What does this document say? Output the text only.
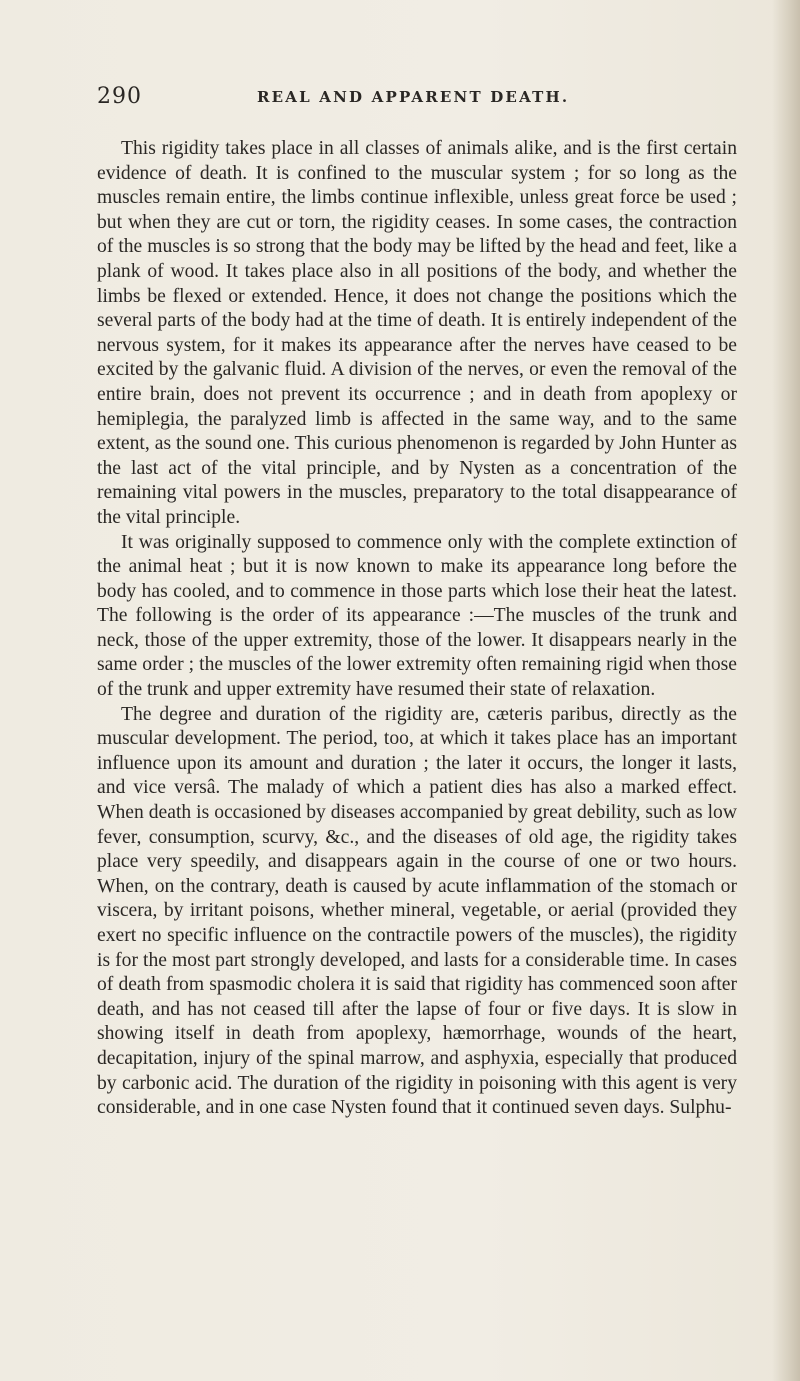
290	REAL AND APPARENT DEATH.

This rigidity takes place in all classes of animals alike, and is the first certain evidence of death. It is confined to the muscular system ; for so long as the muscles remain entire, the limbs continue inflexible, unless great force be used ; but when they are cut or torn, the rigidity ceases. In some cases, the contraction of the muscles is so strong that the body may be lifted by the head and feet, like a plank of wood. It takes place also in all positions of the body, and whether the limbs be flexed or extended. Hence, it does not change the positions which the several parts of the body had at the time of death. It is entirely independent of the nervous system, for it makes its appearance after the nerves have ceased to be excited by the galvanic fluid. A division of the nerves, or even the removal of the entire brain, does not prevent its occurrence ; and in death from apoplexy or hemiplegia, the paralyzed limb is affected in the same way, and to the same extent, as the sound one. This curious phenomenon is regarded by John Hunter as the last act of the vital principle, and by Nysten as a concentration of the remaining vital powers in the muscles, preparatory to the total disappearance of the vital principle.

It was originally supposed to commence only with the complete extinction of the animal heat ; but it is now known to make its appearance long before the body has cooled, and to commence in those parts which lose their heat the latest. The following is the order of its appearance :—The muscles of the trunk and neck, those of the upper extremity, those of the lower. It disappears nearly in the same order ; the muscles of the lower extremity often remaining rigid when those of the trunk and upper extremity have resumed their state of relaxation.

The degree and duration of the rigidity are, cæteris paribus, directly as the muscular development. The period, too, at which it takes place has an important influence upon its amount and duration ; the later it occurs, the longer it lasts, and vice versâ. The malady of which a patient dies has also a marked effect. When death is occasioned by diseases accompanied by great debility, such as low fever, consumption, scurvy, &c., and the diseases of old age, the rigidity takes place very speedily, and disappears again in the course of one or two hours. When, on the contrary, death is caused by acute inflammation of the stomach or viscera, by irritant poisons, whether mineral, vegetable, or aerial (provided they exert no specific influence on the contractile powers of the muscles), the rigidity is for the most part strongly developed, and lasts for a considerable time. In cases of death from spasmodic cholera it is said that rigidity has commenced soon after death, and has not ceased till after the lapse of four or five days. It is slow in showing itself in death from apoplexy, hæmorrhage, wounds of the heart, decapitation, injury of the spinal marrow, and asphyxia, especially that produced by carbonic acid. The duration of the rigidity in poisoning with this agent is very considerable, and in one case Nysten found that it continued seven days. Sulphu-
